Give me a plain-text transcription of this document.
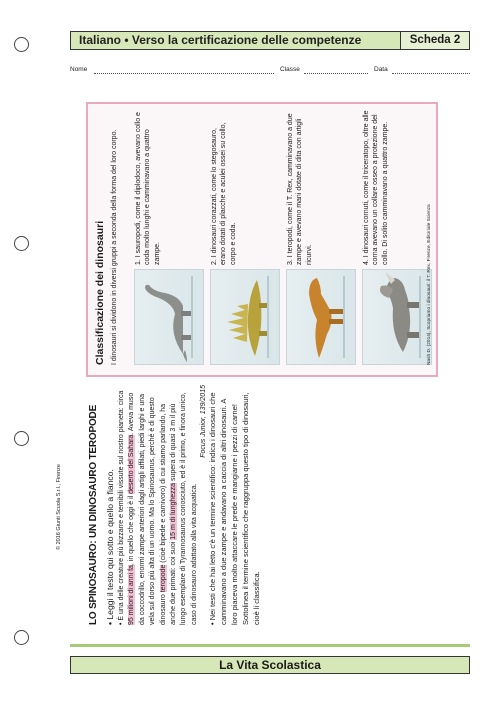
Italiano • Verso la certificazione delle competenze	Scheda 2
Nome	Classe	Data
© 2016 Giunti Scuola S.r.l., Firenze	LO SPINOSAURO: UN DINOSAURO TEROPODE • Leggi il testo qui sotto e quello a fianco.

• È una delle creature più bizzarre e temibili vissute sul nostro pianeta: circa 95 milioni di anni fa, in quello che oggi è il deserto del Sahara. Aveva muso da coccodrillo, enormi zampe anteriori dagli artigli affilati, piedi larghi e una vela sul dorso più alta di un uomo. Ma lo Spinosaurus, perché è di questo dinosauro teropode (cioè bipede e carnivoro) di cui stiamo parlando, ha anche due primati: coi suoi 15 m di lunghezza supera di quasi 3 m il più lungo esemplare di Tyrannosaurus conosciuto, ed è il primo, e finora unico, caso di dinosauro adattato alla vita acquatica.

Focus Junior, 139/2015

• Nei testi che hai letto c'è un termine scientifico: indica i dinosauri che camminavano a due zampe e andavano a caccia di altri dinosauri. A loro piaceva molto attaccare le prede e mangiarne i pezzi di carne! Sottolinea il termine scientifico che raggruppa questo tipo di dinosauri, cioè li classifica.

Classificazione dei dinosauri I dinosauri si dividono in diversi gruppi a seconda della forma del loro corpo. 1. I sauropodi, come il diplodoco, avevano collo e coda molto lunghi e camminavano a quattro zampe.	2. I dinosauri corazzati, come lo stegosauro, erano dotati di placche e aculei ossei su collo, corpo e coda.	3. I teropodi, come il T. Rex, camminavano a due zampe e avevano mani dotate di dita con artigli ricurvi.	4. I dinosauri cornuti, come il triceratopo, oltre alle corna avevano un collare osseo a protezione del collo. Di solito camminavano a quattro zampe.
Nash D. (2014), Scopriamo i dinosauri: il T. Rex, Firenze, Editoriale Scienza
La Vita Scolastica
